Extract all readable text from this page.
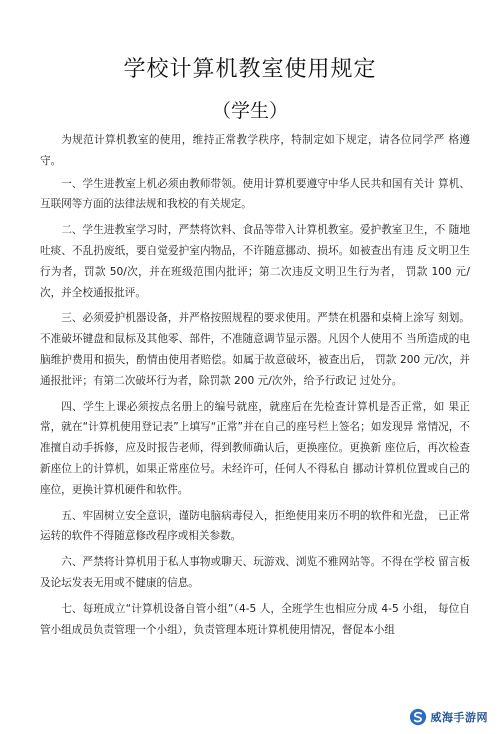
学校计算机教室使用规定
（学生）

为规范计算机教室的使用，维持正常教学秩序，特制定如下规定，请各位同学严 格遵守。

一、学生进教室上机必须由教师带领。使用计算机要遵守中华人民共和国有关计 算机、互联网等方面的法律法规和我校的有关规定。

二、学生进教室学习时，严禁将饮料、食品等带入计算机教室。爱护教室卫生，不 随地吐痰、不乱扔废纸，要自觉爱护室内物品，不许随意挪动、损坏。如被查出有违 反文明卫生行为者，罚款 50/次，并在班级范围内批评；第二次违反文明卫生行为者， 罚款 100 元/次，并全校通报批评。

三、必须爱护机器设备，并严格按照规程的要求使用。严禁在机器和桌椅上涂写 刻划。不准破坏键盘和鼠标及其他零、部件，不准随意调节显示器。凡因个人使用不 当所造成的电脑维护费用和损失，酌情由使用者赔偿。如属于故意破坏，被查出后， 罚款 200 元/次，并通报批评；有第二次破坏行为者，除罚款 200 元/次外，给予行政记 过处分。

四、学生上课必须按点名册上的编号就座，就座后在先检查计算机是否正常，如 果正常，就在“计算机使用登记表”上填写“正常”并在自己的座号栏上签名；如发现异 常情况，不准擅自动手拆修，应及时报告老师，得到教师确认后，更换座位。更换新 座位后，再次检查新座位上的计算机，如果正常座位号。未经许可，任何人不得私自 挪动计算机位置或自己的座位，更换计算机硬件和软件。

五、牢固树立安全意识，谨防电脑病毒侵入，拒绝使用来历不明的软件和光盘， 已正常运转的软件不得随意修改程序或相关参数。

六、严禁将计算机用于私人事物或聊天、玩游戏、浏览不雅网站等。不得在学校 留言板及论坛发表无用或不健康的信息。

七、每班成立“计算机设备自管小组”（4-5 人，全班学生也相应分成 4-5 小组， 每位自管小组成员负责管理一个小组），负责管理本班计算机使用情况，督促本小组

威海手游网
